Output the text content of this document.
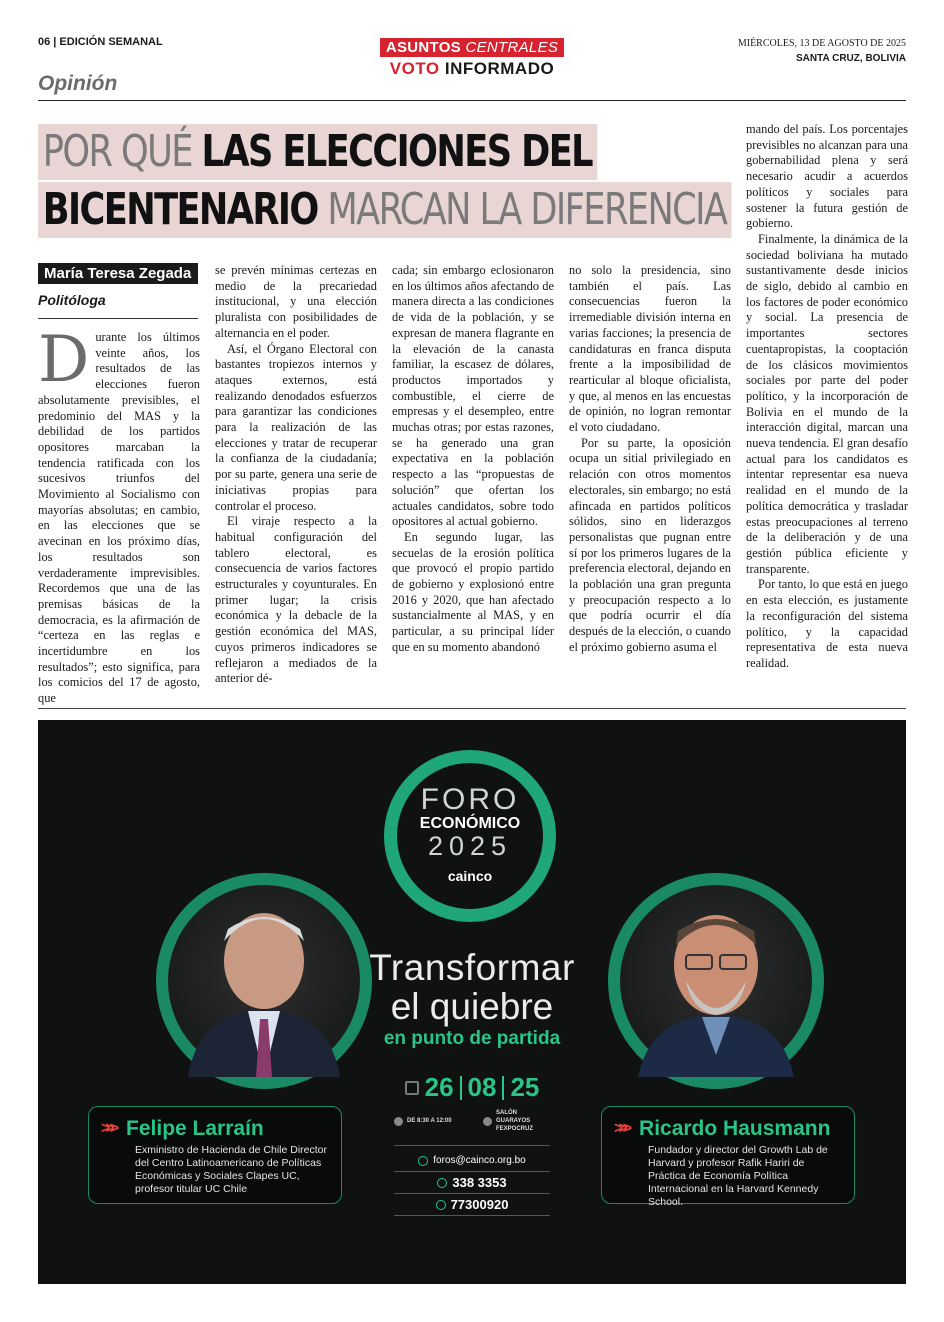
06 | EDICIÓN SEMANAL	ASUNTOS CENTRALES
VOTO INFORMADO
MIÉRCOLES, 13 DE AGOSTO DE 2025
SANTA CRUZ, BOLIVIA
Opinión
POR QUÉ LAS ELECCIONES DEL
BICENTENARIO MARCAN LA DIFERENCIA
María Teresa Zegada
Politóloga

Durante los últimos veinte años, los resultados de las elecciones fueron absolutamente previsibles, el predominio del MAS y la debilidad de los partidos opositores marcaban la tendencia ratificada con los sucesivos triunfos del Movimiento al Socialismo con mayorías absolutas; en cambio, en las elecciones que se avecinan en los próximo días, los resultados son verdaderamente imprevisibles. Recordemos que una de las premisas básicas de la democracia, es la afirmación de “certeza en las reglas e incertidumbre en los resultados”; esto significa, para los comicios del 17 de agosto, que

se prevén mínimas certezas en medio de la precariedad institucional, y una elección pluralista con posibilidades de alternancia en el poder.

Así, el Órgano Electoral con bastantes tropiezos internos y ataques externos, está realizando denodados esfuerzos para garantizar las condiciones para la realización de las elecciones y tratar de recuperar la confianza de la ciudadanía; por su parte, genera una serie de iniciativas propias para controlar el proceso.

El viraje respecto a la habitual configuración del tablero electoral, es consecuencia de varios factores estructurales y coyunturales. En primer lugar; la crisis económica y la debacle de la gestión económica del MAS, cuyos primeros indicadores se reflejaron a mediados de la anterior dé-

cada; sin embargo eclosionaron en los últimos años afectando de manera directa a las condiciones de vida de la población, y se expresan de manera flagrante en la elevación de la canasta familiar, la escasez de dólares, productos importados y combustible, el cierre de empresas y el desempleo, entre muchas otras; por estas razones, se ha generado una gran expectativa en la población respecto a las “propuestas de solución” que ofertan los actuales candidatos, sobre todo opositores al actual gobierno.

En segundo lugar, las secuelas de la erosión política que provocó el propio partido de gobierno y explosionó entre 2016 y 2020, que han afectado sustancialmente al MAS, y en particular, a su principal líder que en su momento abandonó

no solo la presidencia, sino también el país. Las consecuencias fueron la irremediable división interna en varias facciones; la presencia de candidaturas en franca disputa frente a la imposibilidad de rearticular al bloque oficialista, y que, al menos en las encuestas de opinión, no logran remontar el voto ciudadano.

Por su parte, la oposición ocupa un sitial privilegiado en relación con otros momentos electorales, sin embargo; no está afincada en partidos políticos sólidos, sino en liderazgos personalistas que pugnan entre sí por los primeros lugares de la preferencia electoral, dejando en la población una gran pregunta y preocupación respecto a lo que podría ocurrir el día después de la elección, o cuando el próximo gobierno asuma el

mando del país. Los porcentajes previsibles no alcanzan para una gobernabilidad plena y será necesario acudir a acuerdos políticos y sociales para sostener la futura gestión de gobierno.

Finalmente, la dinámica de la sociedad boliviana ha mutado sustantivamente desde inicios de siglo, debido al cambio en los factores de poder económico y social. La presencia de importantes sectores cuentapropistas, la cooptación de los clásicos movimientos sociales por parte del poder político, y la incorporación de Bolivia en el mundo de la interacción digital, marcan una nueva tendencia. El gran desafío actual para los candidatos es intentar representar esa nueva realidad en el mundo de la política democrática y trasladar estas preocupaciones al terreno de la deliberación y de una gestión pública eficiente y transparente.

Por tanto, lo que está en juego en esta elección, es justamente la reconfiguración del sistema político, y la capacidad representativa de esta nueva realidad.

FORO
ECONÓMICO
2025
cainco
Transformar
el quiebre
en punto de partida
26 08 25
DE 8:30 A 12:00
SALÓN GUARAYOS FEXPOCRUZ
foros@cainco.org.bo
338 3353
77300920
>>> Felipe Larraín
Exministro de Hacienda de Chile Director del Centro Latinoamericano de Políticas Económicas y Sociales Clapes UC, profesor titular UC Chile
>>> Ricardo Hausmann
Fundador y director del Growth Lab de Harvard y profesor Rafik Hariri de Práctica de Economía Política Internacional en la Harvard Kennedy School.
